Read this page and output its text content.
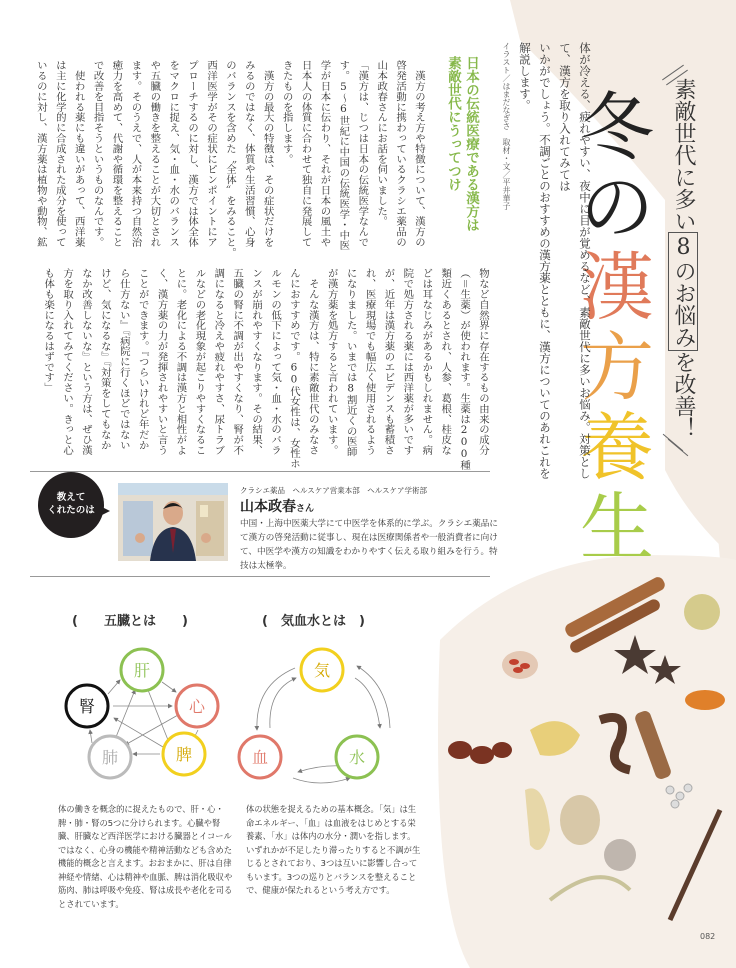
素敵世代に多い8のお悩みを改善！
冬
の
漢
方
養
生

体が冷える、疲れやすい、夜中に目が覚めるなど、素敵世代に多いお悩み。対策として、漢方を取り入れてみては

いかがでしょう。不調ごとのおすすめの漢方薬とともに、漢方についてのあれこれを解説します。

イラスト／はまだなぎさ　取材・文／平井華子

日本の伝統医療である漢方は

素敵世代にうってつけ

　漢方の考え方や特徴について、漢方の

啓発活動に携わっているクラシエ薬品の

山本政春さんにお話を伺いました。

「漢方は、じつは日本の伝統医学なんで

す。5～6世紀に中国の伝統医学・中医

学が日本に伝わり、それが日本の風土や

日本人の体質に合わせて独自に発展して

きたものを指します。

　漢方の最大の特徴は、その症状だけを

みるのではなく、体質や生活習慣、心身

のバランスを含めた〝全体〟をみること。

西洋医学がその症状にピンポイントにア

プローチするのに対し、漢方では体全体

をマクロに捉え、気・血・水のバランス

や五臓の働きを整えることが大切とされ

ます。そのうえで、人が本来持つ自然治

癒力を高めて、代謝や循環を整えること

で改善を目指そうというものなんです。

　使われる薬にも違いがあって、西洋薬

は主に化学的に合成された成分を使って

いるのに対し、漢方薬は植物や動物、鉱

物など自然界に存在するもの由来の成分

（＝生薬）が使われます。生薬は200種

類近くあるとされ、人参、葛根、桂皮な

どは耳なじみがあるかもしれません。病

院で処方される薬には西洋薬が多いです

が、近年は漢方薬のエビデンスも蓄積さ

れ、医療現場でも幅広く使用されるよう

になりました。いまでは8割近くの医師

が漢方薬を処方すると言われています。

　そんな漢方は、特に素敵世代のみなさ

んにおすすめです。60代女性は、女性ホ

ルモンの低下によって気・血・水のバラ

ンスが崩れやすくなります。その結果、

五臓の腎に不調が出やすくなり、腎が不

調になると冷えや疲れやすさ、尿トラブ

ルなどの老化現象が起こりやすくなるこ

とに。老化による不調は漢方と相性がよ

く、漢方薬の力が発揮されやすいと言う

ことができます。『つらいけれど年だか

ら仕方ない』『病院に行くほどではない

けど、気になるな』『対策をしてもなか

なか改善しないな』という方は、ぜひ漢

方を取り入れてみてください。きっと心

も体も楽になるはずです」

教えて
くれたのは
クラシエ薬品　ヘルスケア営業本部　ヘルスケア学術部
山本政春さん
中国・上海中医薬大学にて中医学を体系的に学ぶ。クラシエ薬品にて漢方の啓発活動に従事し、現在は医療関係者や一般消費者に向けて、中医学や漢方の知識をわかりやすく伝える取り組みを行う。特技は太極拳。
(　　五臓とは　　)	(　気血水とは　)
肝
心
脾
肺
腎
気
血	水
体の働きを概念的に捉えたもので、肝・心・脾・肺・腎の5つに分けられます。心臓や腎臓、肝臓など西洋医学における臓器とイコールではなく、心身の機能や精神活動なども含めた機能的概念と言えます。おおまかに、肝は自律神経や情緒、心は精神や血脈、脾は消化吸収や筋肉、肺は呼吸や免疫、腎は成長や老化を司るとされています。
体の状態を捉えるための基本概念。「気」は生命エネルギー、「血」は血液をはじめとする栄養素、「水」は体内の水分・潤いを指します。いずれかが不足したり滞ったりすると不調が生じるとされており、3つは互いに影響し合ってもいます。3つの巡りとバランスを整えることで、健康が保たれるという考え方です。
082
